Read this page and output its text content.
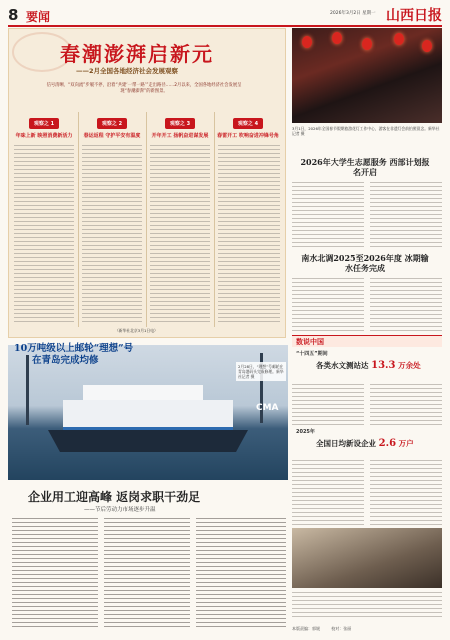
8 要闻	2026年3月2日 星期一 山西日报
春潮澎湃启新元
——2月全国各地经济社会发展观察
信号清晰、“双向流”步履不停，沿着“共建‘一带一路’”走出路径……2月以来，全国各地经济社会发展呈现“春潮澎湃”的新图景。
观察之 1
年味上新 映照消费新活力
观察之 2
春运返程 守护平安有温度
观察之 3
开年开工 扬帆奋进谋发展
观察之 4
春雷开工 吹响奋进冲锋号角
（新华社北京3月1日电）
3月1日，2026年全国春节假期旅游花灯工作中心，游客在非遗灯会前拍照留念。新华社记者 摄
2026年大学生志愿服务 西部计划报名开启
南水北调2025至2026年度 冰期输水任务完成
数说中国
“十四五”期间
各类水文测站达 13.3 万余处
2025年
全国日均新设企业 2.6 万户
CMA
10万吨级以上邮轮“理想”号
在青岛完成均修
2月28日，“理想”号邮轮在青岛港码头完成修理。新华社记者 摄
企业用工迎高峰 返岗求职干劲足
——节后劳动力市场逐步升温
本版责编：郭媛	校对：张丽
